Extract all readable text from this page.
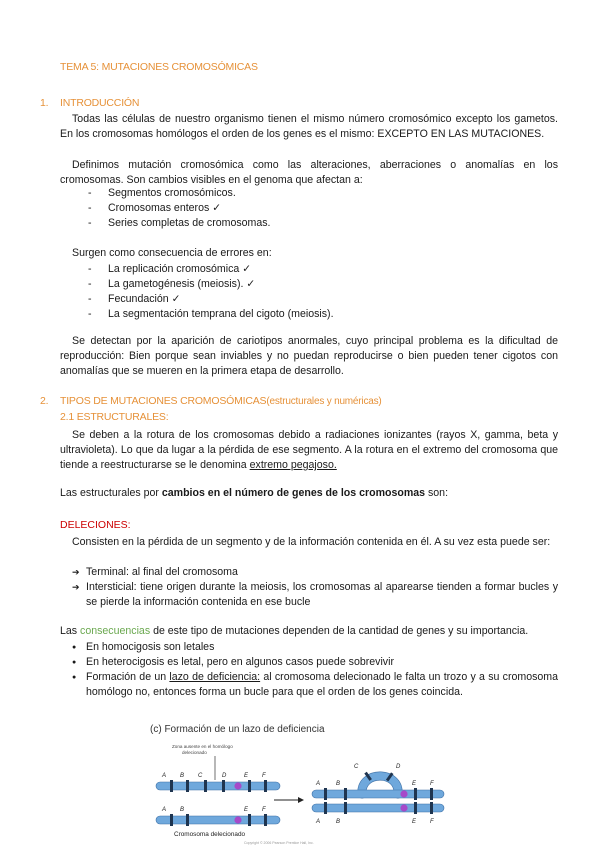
TEMA 5: MUTACIONES CROMOSÓMICAS
1. INTRODUCCIÓN
Todas las células de nuestro organismo tienen el mismo número cromosómico excepto los gametos. En los cromosomas homólogos el orden de los genes es el mismo: EXCEPTO EN LAS MUTACIONES.
Definimos mutación cromosómica como las alteraciones, aberraciones o anomalías en los cromosomas. Son cambios visibles en el genoma que afectan a:
- Segmentos cromosómicos.
- Cromosomas enteros ✓
- Series completas de cromosomas.
Surgen como consecuencia de errores en:
- La replicación cromosómica ✓
- La gametogénesis (meiosis). ✓
- Fecundación ✓
- La segmentación temprana del cigoto (meiosis).
Se detectan por la aparición de cariotipos anormales, cuyo principal problema es la dificultad de reproducción: Bien porque sean inviables y no puedan reproducirse o bien pueden tener cigotos con anomalías que se mueren en la primera etapa de desarrollo.
2. TIPOS DE MUTACIONES CROMOSÓMICAS(estructurales y numéricas)
2.1 ESTRUCTURALES:
Se deben a la rotura de los cromosomas debido a radiaciones ionizantes (rayos X, gamma, beta y ultravioleta). Lo que da lugar a la pérdida de ese segmento. A la rotura en el extremo del cromosoma que tiende a reestructurarse se le denomina extremo pegajoso.
Las estructurales por cambios en el número de genes de los cromosomas son:
DELECIONES:
Consisten en la pérdida de un segmento y de la información contenida en él. A su vez esta puede ser:
➔ Terminal: al final del cromosoma
➔ Intersticial: tiene origen durante la meiosis, los cromosomas al aparearse tienden a formar bucles y se pierde la información contenida en ese bucle
Las consecuencias de este tipo de mutaciones dependen de la cantidad de genes y su importancia.
● En homocigosis son letales
● En heterocigosis es letal, pero en algunos casos puede sobrevivir
● Formación de un lazo de deficiencia: al cromosoma delecionado le falta un trozo y a su cromosoma homólogo no, entonces forma un bucle para que el orden de los genes coincida.
(c) Formación de un lazo de deficiencia
Zona ausente en el homólogo
delecionado
A B C	D	E F
A B	E F
Cromosoma delecionado
Copyright © 2006 Pearson Prentice Hall, Inc.
A	B	E F
C	D
A	B	E F
